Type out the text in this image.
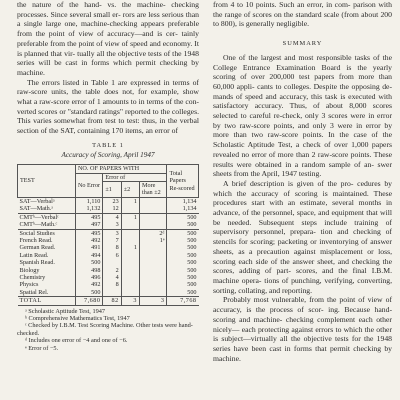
the nature of the hand- vs. the machine- checking processes. Since several small er- rors are less serious than a single large one, machine-checking appears preferable from the point of view of accuracy—and is cer- tainly preferable from the point of view of speed and economy. It is planned that vir- tually all the objective tests of the 1948 series will be cast in forms which permit checking by machine.

The errors listed in Table 1 are expressed in terms of raw-score units, the table does not, for example, show what a raw-score error of 1 amounts to in terms of the con- verted scores or "standard ratings" reported to the colleges. This varies somewhat from test to test: thus, in the verbal section of the SAT, containing 170 items, an error of

TABLE 1
Accuracy of Scoring, April 1947
TEST	NO. OF PAPERS WITH				Total Papers Re-scored
	No Error	Error of			
		±1	±2	More than ±2	
SAT—Verbalᵃ	1,110	23	1		1,134
SAT—Math.ᵃ	1,132	12			1,134
CMTᵇ—Verbalᶜ	495	4	1		500
CMTᵇ—Math.ᶜ	497	3			500
Social Studies	495	3		2ᵈ	500
French Read.	492	7		1ᵉ	500
German Read.	491	8	1		500
Latin Read.	494	6			500
Spanish Read.	500				500
Biology	498	2			500
Chemistry	496	4			500
Physics	492	8			500
Spatial Rel.	500				500
TOTAL	7,680	82	3	3	7,768

ᵃ Scholastic Aptitude Test, 1947

ᵇ Comprehensive Mathematics Test, 1947

ᶜ Checked by I.B.M. Test Scoring Machine. Other tests were hand-checked.

ᵈ Includes one error of −4 and one of −6.

ᵉ Error of −5.

from 4 to 10 points. Such an error, in com- parison with the range of scores on the standard scale (from about 200 to 800), is generally negligible.

SUMMARY

One of the largest and most responsible tasks of the College Entrance Examination Board is the yearly scoring of over 200,000 test papers from more than 60,000 appli- cants to colleges. Despite the opposing de- mands of speed and accuracy, this task is executed with satisfactory accuracy. Thus, of about 8,000 scores selected to careful re-check, only 3 scores were in error by two raw-score points, and only 3 were in error by more than two raw-score points. In the case of the Scholastic Aptitude Test, a check of over 1,000 papers revealed no error of more than 2 raw-score points. These results were obtained in a random sample of an- swer sheets from the April, 1947 testing.

A brief description is given of the pro- cedures by which the accuracy of scoring is maintained. These procedures start with an estimate, several months in advance, of the personnel, space, and equipment that will be needed. Subsequent steps include training of supervisory personnel, prepara- tion and checking of stencils for scoring; packeting or inventorying of answer sheets, as a precaution against misplacement or loss, scoring each side of the answer sheet, and checking the scores, adding of part- scores, and the final I.B.M. machine opera- tions of punching, verifying, converting, sorting, collating, and reporting.

Probably most vulnerable, from the point of view of accuracy, is the process of scor- ing. Because hand-scoring and machine- checking complement each other nicely— each protecting against errors to which the other is subject—virtually all the objective tests for the 1948 series have been cast in forms that permit checking by machine.
